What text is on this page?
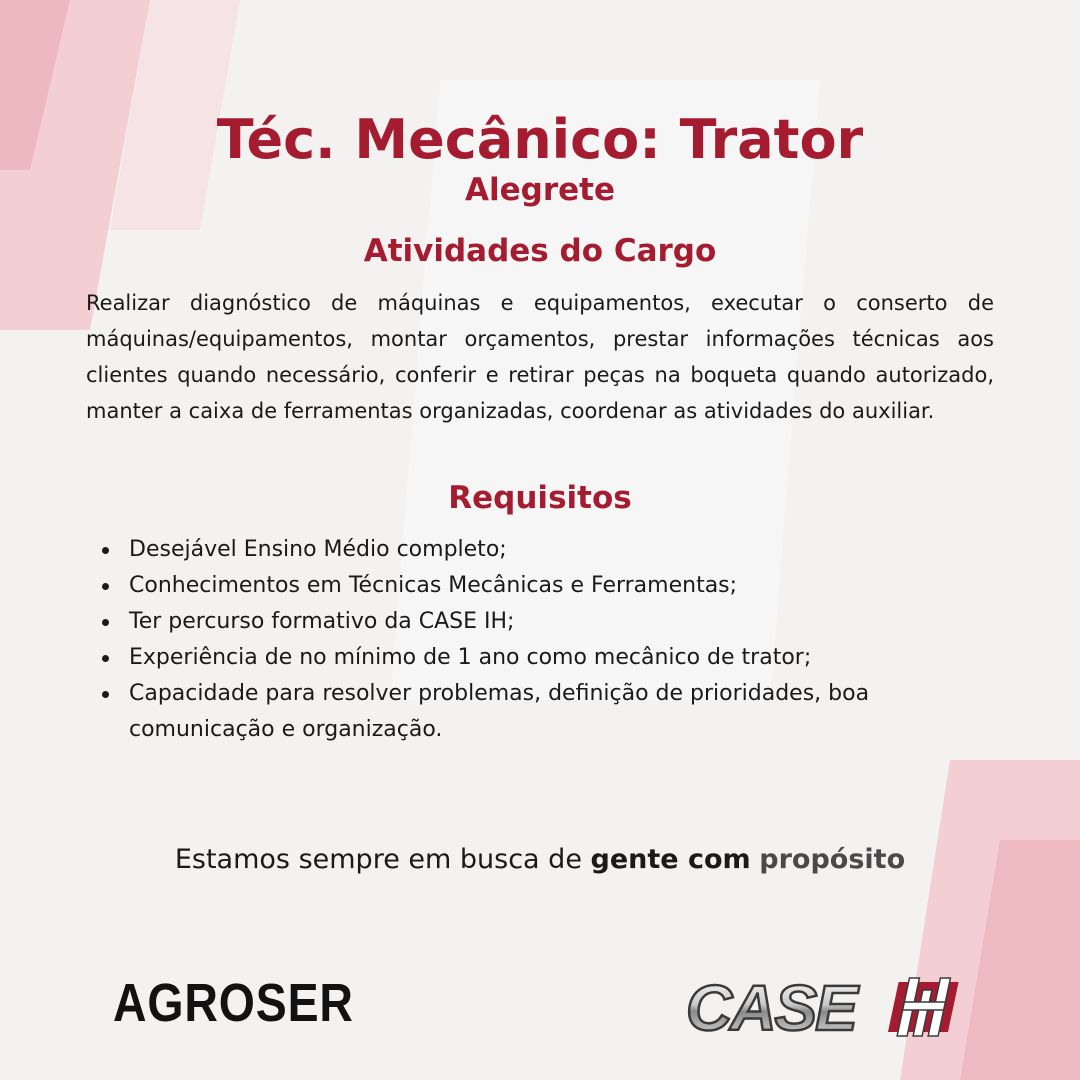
Téc. Mecânico: Trator
Alegrete
Atividades do Cargo

Realizar diagnóstico de máquinas e equipamentos, executar o conserto de máquinas/equipamentos, montar orçamentos, prestar informações técnicas aos clientes quando necessário, conferir e retirar peças na boqueta quando autorizado, manter a caixa de ferramentas organizadas, coordenar as atividades do auxiliar.

Requisitos
Desejável Ensino Médio completo;
Conhecimentos em Técnicas Mecânicas e Ferramentas;
Ter percurso formativo da CASE IH;
Experiência de no mínimo de 1 ano como mecânico de trator;
Capacidade para resolver problemas, definição de prioridades, boa comunicação e organização.

Estamos sempre em busca de gente com propósito

AGROSER	CASE
